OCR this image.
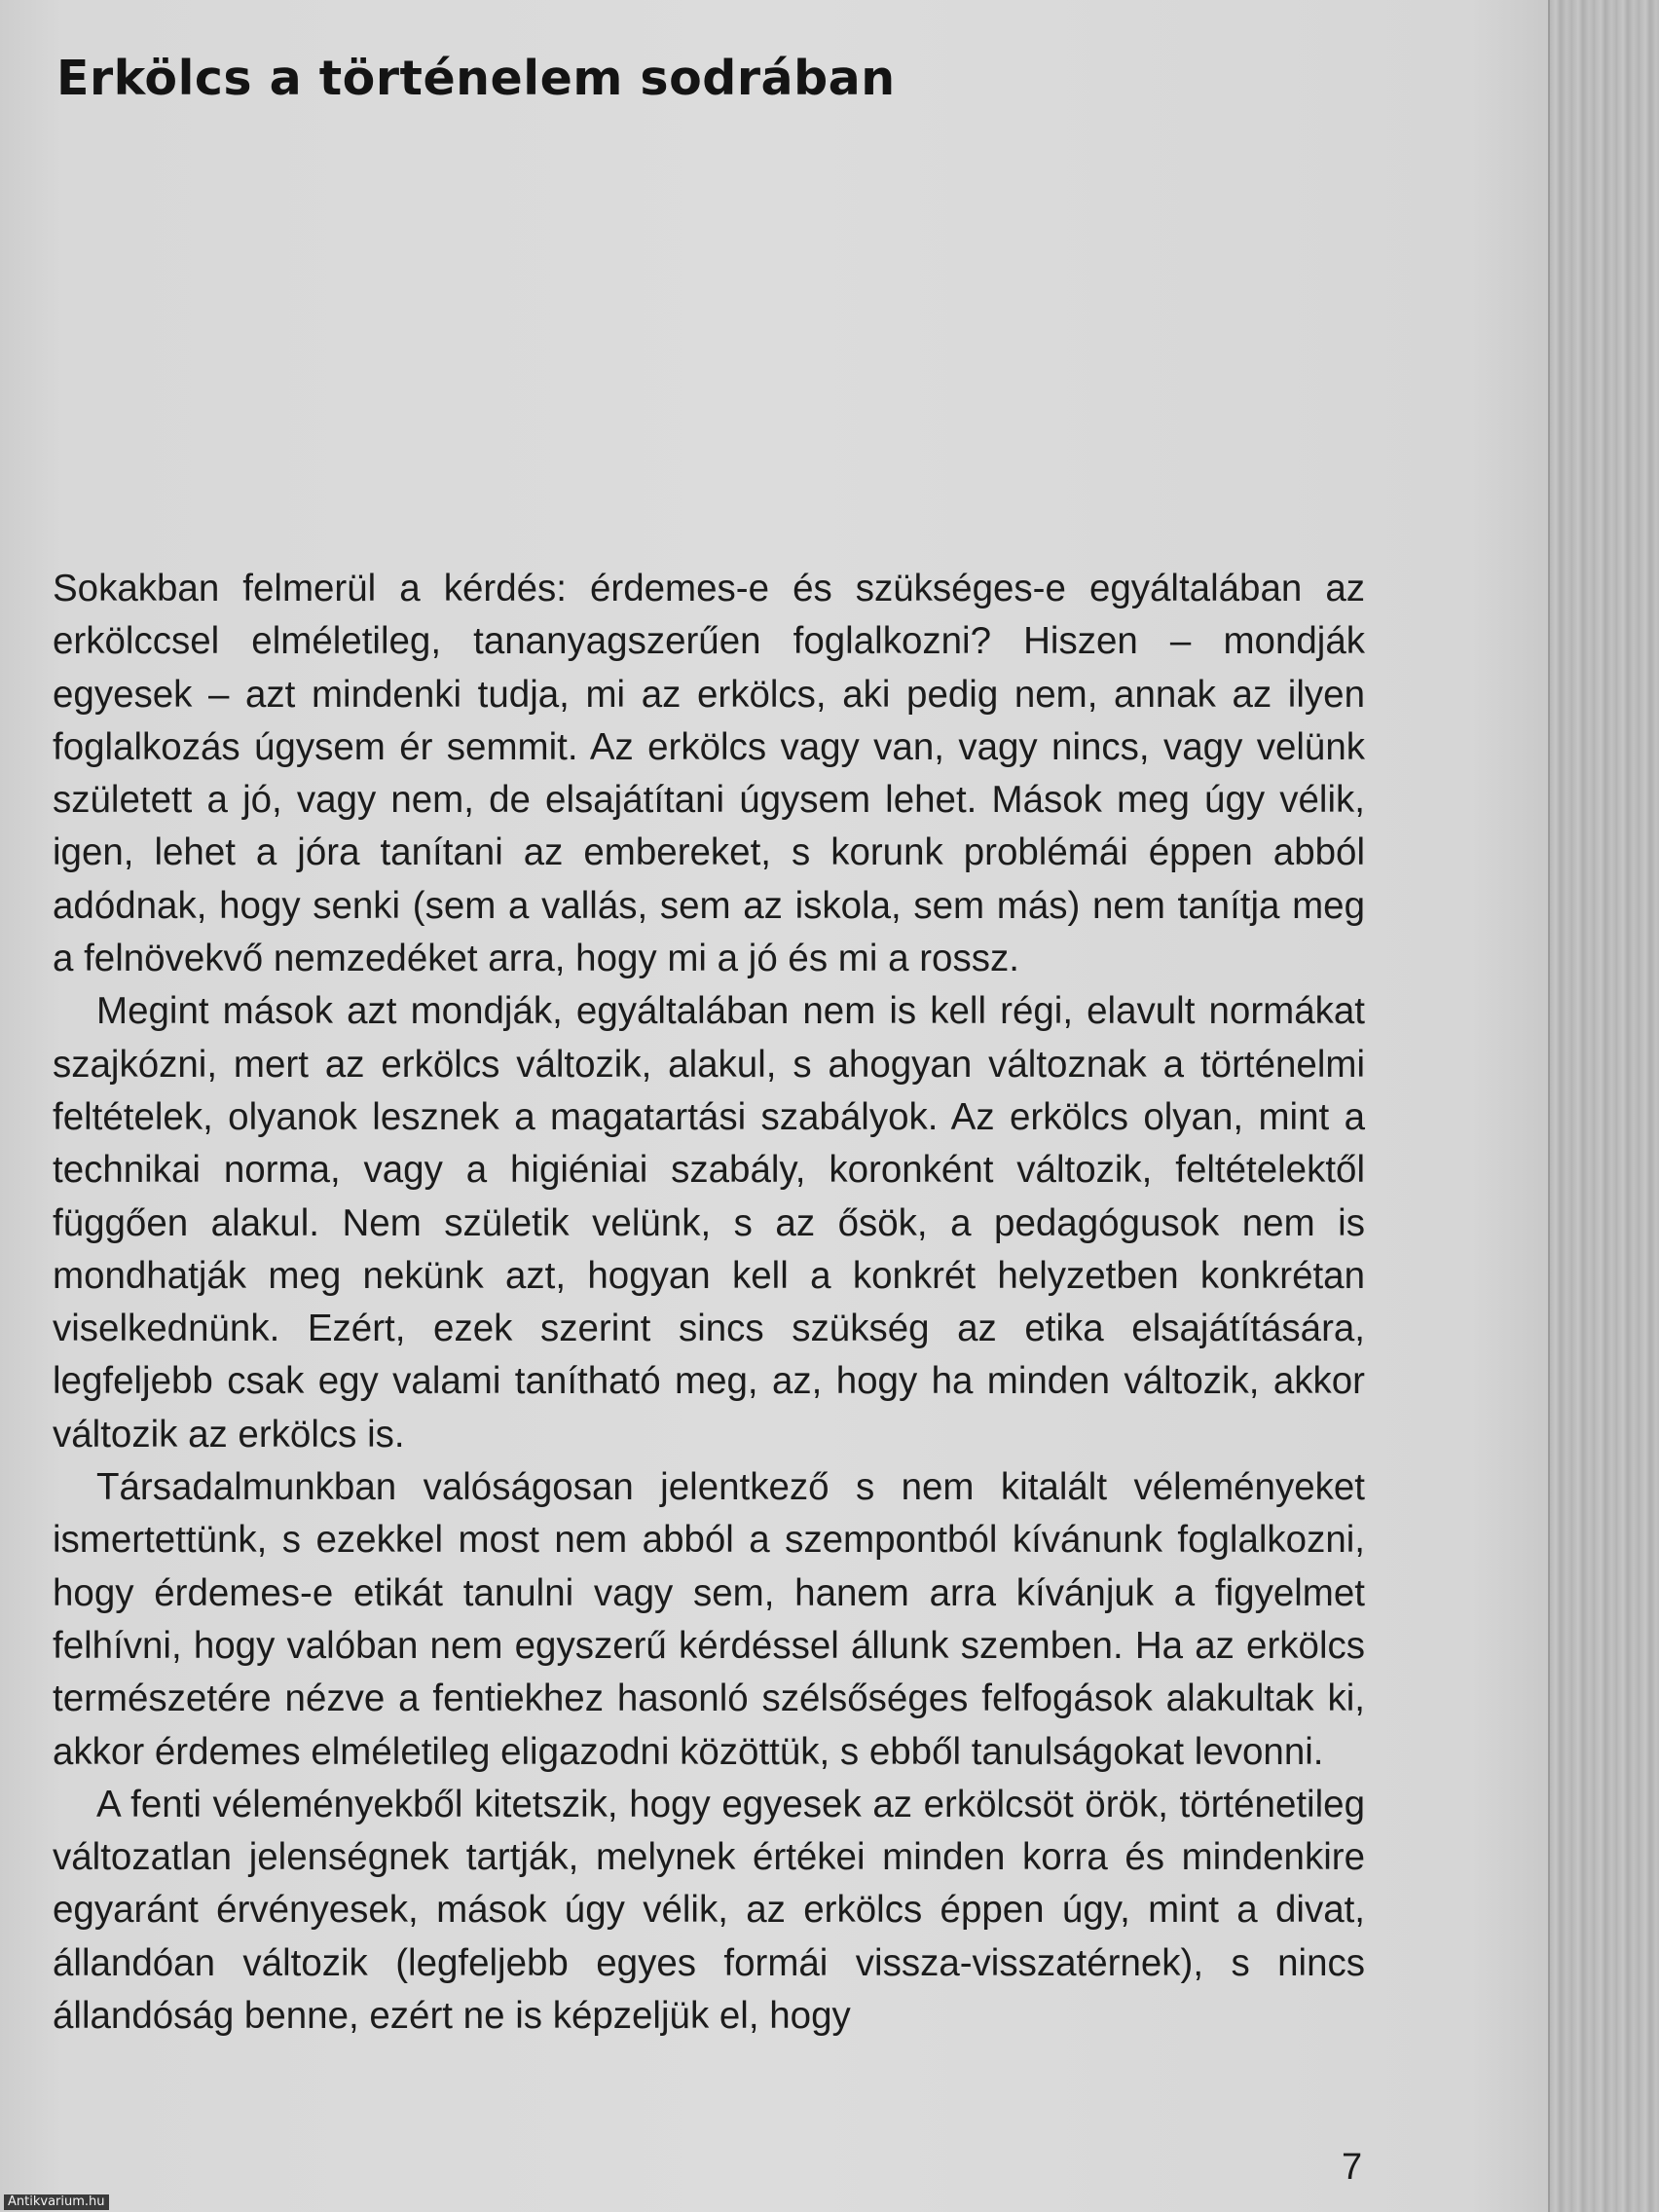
Erkölcs a történelem sodrában

Sokakban felmerül a kérdés: érdemes-e és szükséges-e egyáltalában az erkölccsel elméletileg, tananyagszerűen foglalkozni? Hiszen – mondják egyesek – azt mindenki tudja, mi az erkölcs, aki pedig nem, annak az ilyen foglalkozás úgysem ér semmit. Az erkölcs vagy van, vagy nincs, vagy velünk született a jó, vagy nem, de elsajátítani úgysem lehet. Mások meg úgy vélik, igen, lehet a jóra tanítani az embereket, s korunk problémái éppen abból adódnak, hogy senki (sem a vallás, sem az iskola, sem más) nem tanítja meg a felnövekvő nemzedéket arra, hogy mi a jó és mi a rossz.

Megint mások azt mondják, egyáltalában nem is kell régi, elavult normákat szajkózni, mert az erkölcs változik, alakul, s ahogyan változnak a történelmi feltételek, olyanok lesznek a magatartási szabályok. Az erkölcs olyan, mint a technikai norma, vagy a higiéniai szabály, koronként változik, feltételektől függően alakul. Nem születik velünk, s az ősök, a pedagógusok nem is mondhatják meg nekünk azt, hogyan kell a konkrét helyzetben konkrétan viselkednünk. Ezért, ezek szerint sincs szükség az etika elsajátítására, legfeljebb csak egy valami tanítható meg, az, hogy ha minden változik, akkor változik az erkölcs is.

Társadalmunkban valóságosan jelentkező s nem kitalált véleményeket ismertettünk, s ezekkel most nem abból a szempontból kívánunk foglalkozni, hogy érdemes-e etikát tanulni vagy sem, hanem arra kívánjuk a figyelmet felhívni, hogy valóban nem egyszerű kérdéssel állunk szemben. Ha az erkölcs természetére nézve a fentiekhez hasonló szélsőséges felfogások alakultak ki, akkor érdemes elméletileg eligazodni közöttük, s ebből tanulságokat levonni.

A fenti véleményekből kitetszik, hogy egyesek az erkölcsöt örök, történetileg változatlan jelenségnek tartják, melynek értékei minden korra és mindenkire egyaránt érvényesek, mások úgy vélik, az erkölcs éppen úgy, mint a divat, állandóan változik (legfeljebb egyes formái vissza-visszatérnek), s nincs állandóság benne, ezért ne is képzeljük el, hogy

7
Antikvarium.hu
